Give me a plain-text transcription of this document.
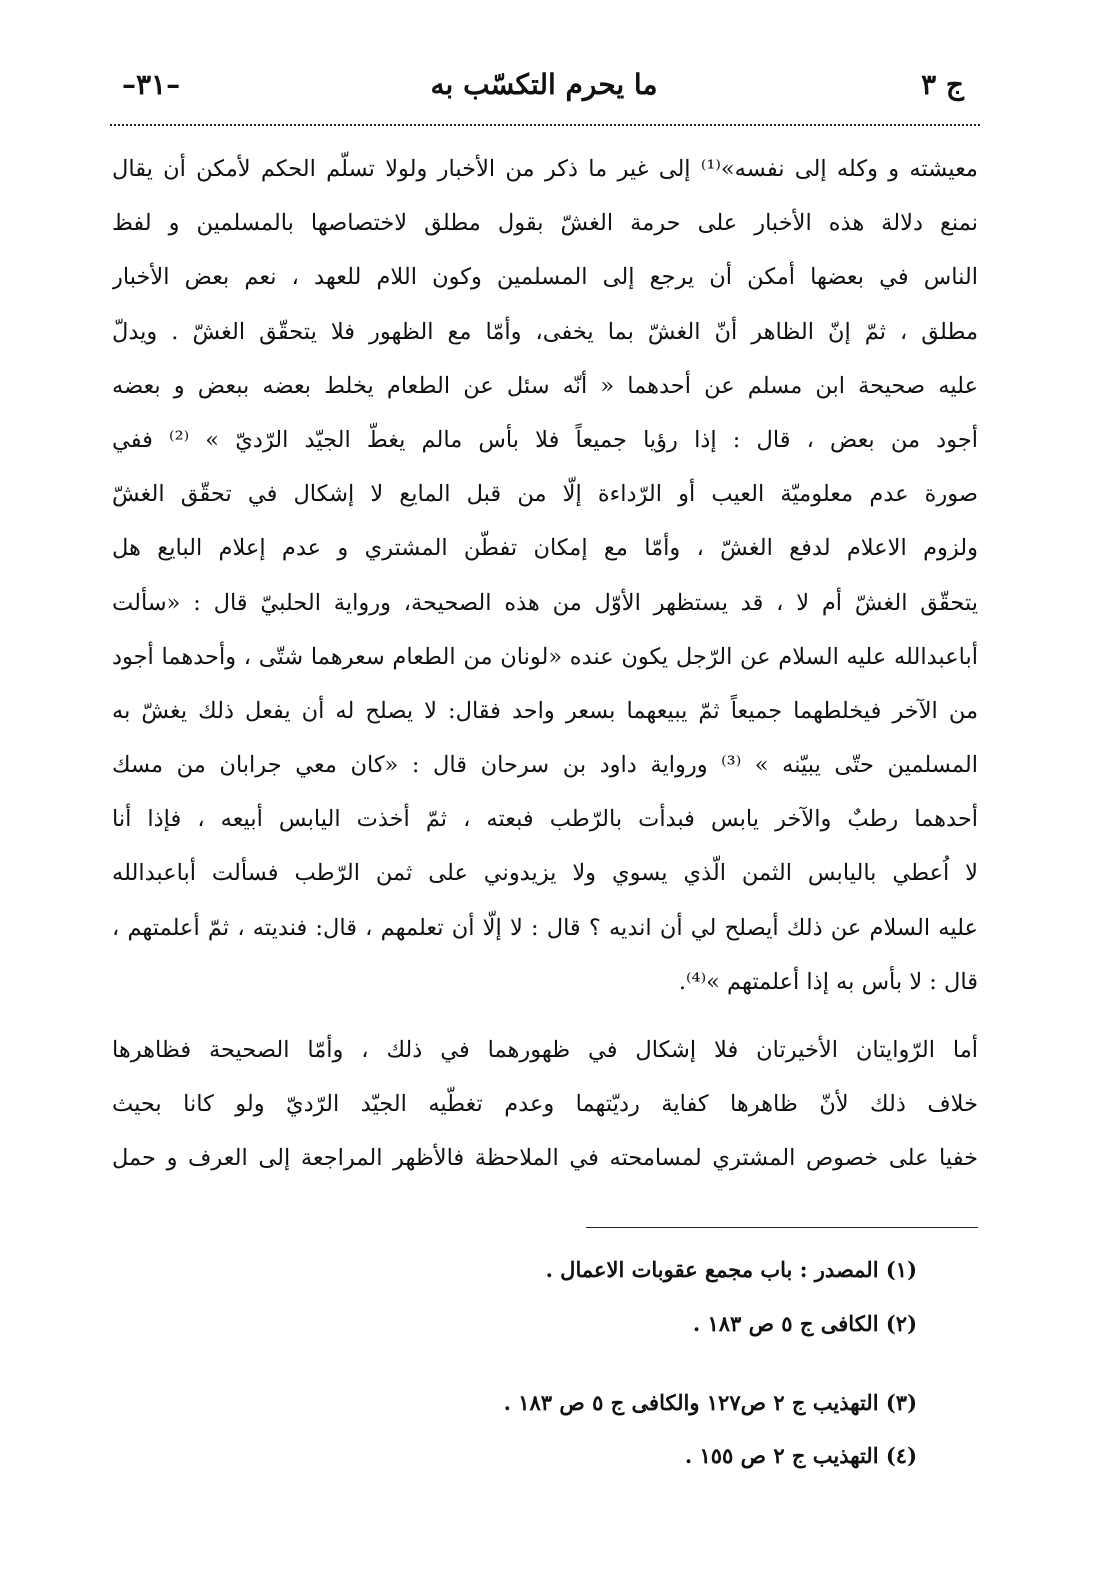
ج ٣
ما يحرم التكسّب به
–٣١–
معيشته و وكله إلى نفسه»⁽¹⁾ إلى غير ما ذكر من الأخبار ولولا تسلّم الحكم لأمكن أن يقال
نمنع دلالة هذه الأخبار على حرمة الغشّ بقول مطلق لاختصاصها بالمسلمين و لفظ
الناس في بعضها أمكن أن يرجع إلى المسلمين وكون اللام للعهد ، نعم بعض الأخبار
مطلق ، ثمّ إنّ الظاهر أنّ الغشّ بما يخفى، وأمّا مع الظهور فلا يتحقّق الغشّ . ويدلّ
عليه صحيحة ابن مسلم عن أحدهما « أنّه سئل عن الطعام يخلط بعضه ببعض و بعضه
أجود من بعض ، قال : إذا رؤيا جميعاً فلا بأس مالم يغطّ الجيّد الرّديّ » ⁽²⁾ ففي
صورة عدم معلوميّة العيب أو الرّداءة إلّا من قبل المايع لا إشكال في تحقّق الغشّ
ولزوم الاعلام لدفع الغشّ ، وأمّا مع إمكان تفطّن المشتري و عدم إعلام البايع هل
يتحقّق الغشّ أم لا ، قد يستظهر الأوّل من هذه الصحيحة، ورواية الحلبيّ قال : «سألت
أباعبدالله عليه السلام عن الرّجل يكون عنده «لونان من الطعام سعرهما شتّى ، وأحدهما أجود
من الآخر فيخلطهما جميعاً ثمّ يبيعهما بسعر واحد فقال: لا يصلح له أن يفعل ذلك يغشّ به
المسلمين حتّى يبيّنه » ⁽³⁾ ورواية داود بن سرحان قال : «كان معي جرابان من مسك
أحدهما رطبٌ والآخر يابس فبدأت بالرّطب فبعته ، ثمّ أخذت اليابس أبيعه ، فإذا أنا
لا اُعطي باليابس الثمن الّذي يسوي ولا يزيدوني على ثمن الرّطب فسألت أباعبدالله
عليه السلام عن ذلك أيصلح لي أن انديه ؟ قال : لا إلّا أن تعلمهم ، قال: فنديته ، ثمّ أعلمتهم ،
قال : لا بأس به إذا أعلمتهم »⁽⁴⁾.
أما الرّوايتان الأخيرتان فلا إشكال في ظهورهما في ذلك ، وأمّا الصحيحة فظاهرها
خلاف ذلك لأنّ ظاهرها كفاية رديّتهما وعدم تغطّيه الجيّد الرّديّ ولو كانا بحيث
خفيا على خصوص المشتري لمسامحته في الملاحظة فالأظهر المراجعة إلى العرف و حمل
(١) المصدر : باب مجمع عقوبات الاعمال .
(٢) الكافى ج ٥ ص ١٨٣ .
(٣) التهذيب ج ٢ ص١٢٧ والكافى ج ٥ ص ١٨٣ .
(٤) التهذيب ج ٢ ص ١٥٥ .
